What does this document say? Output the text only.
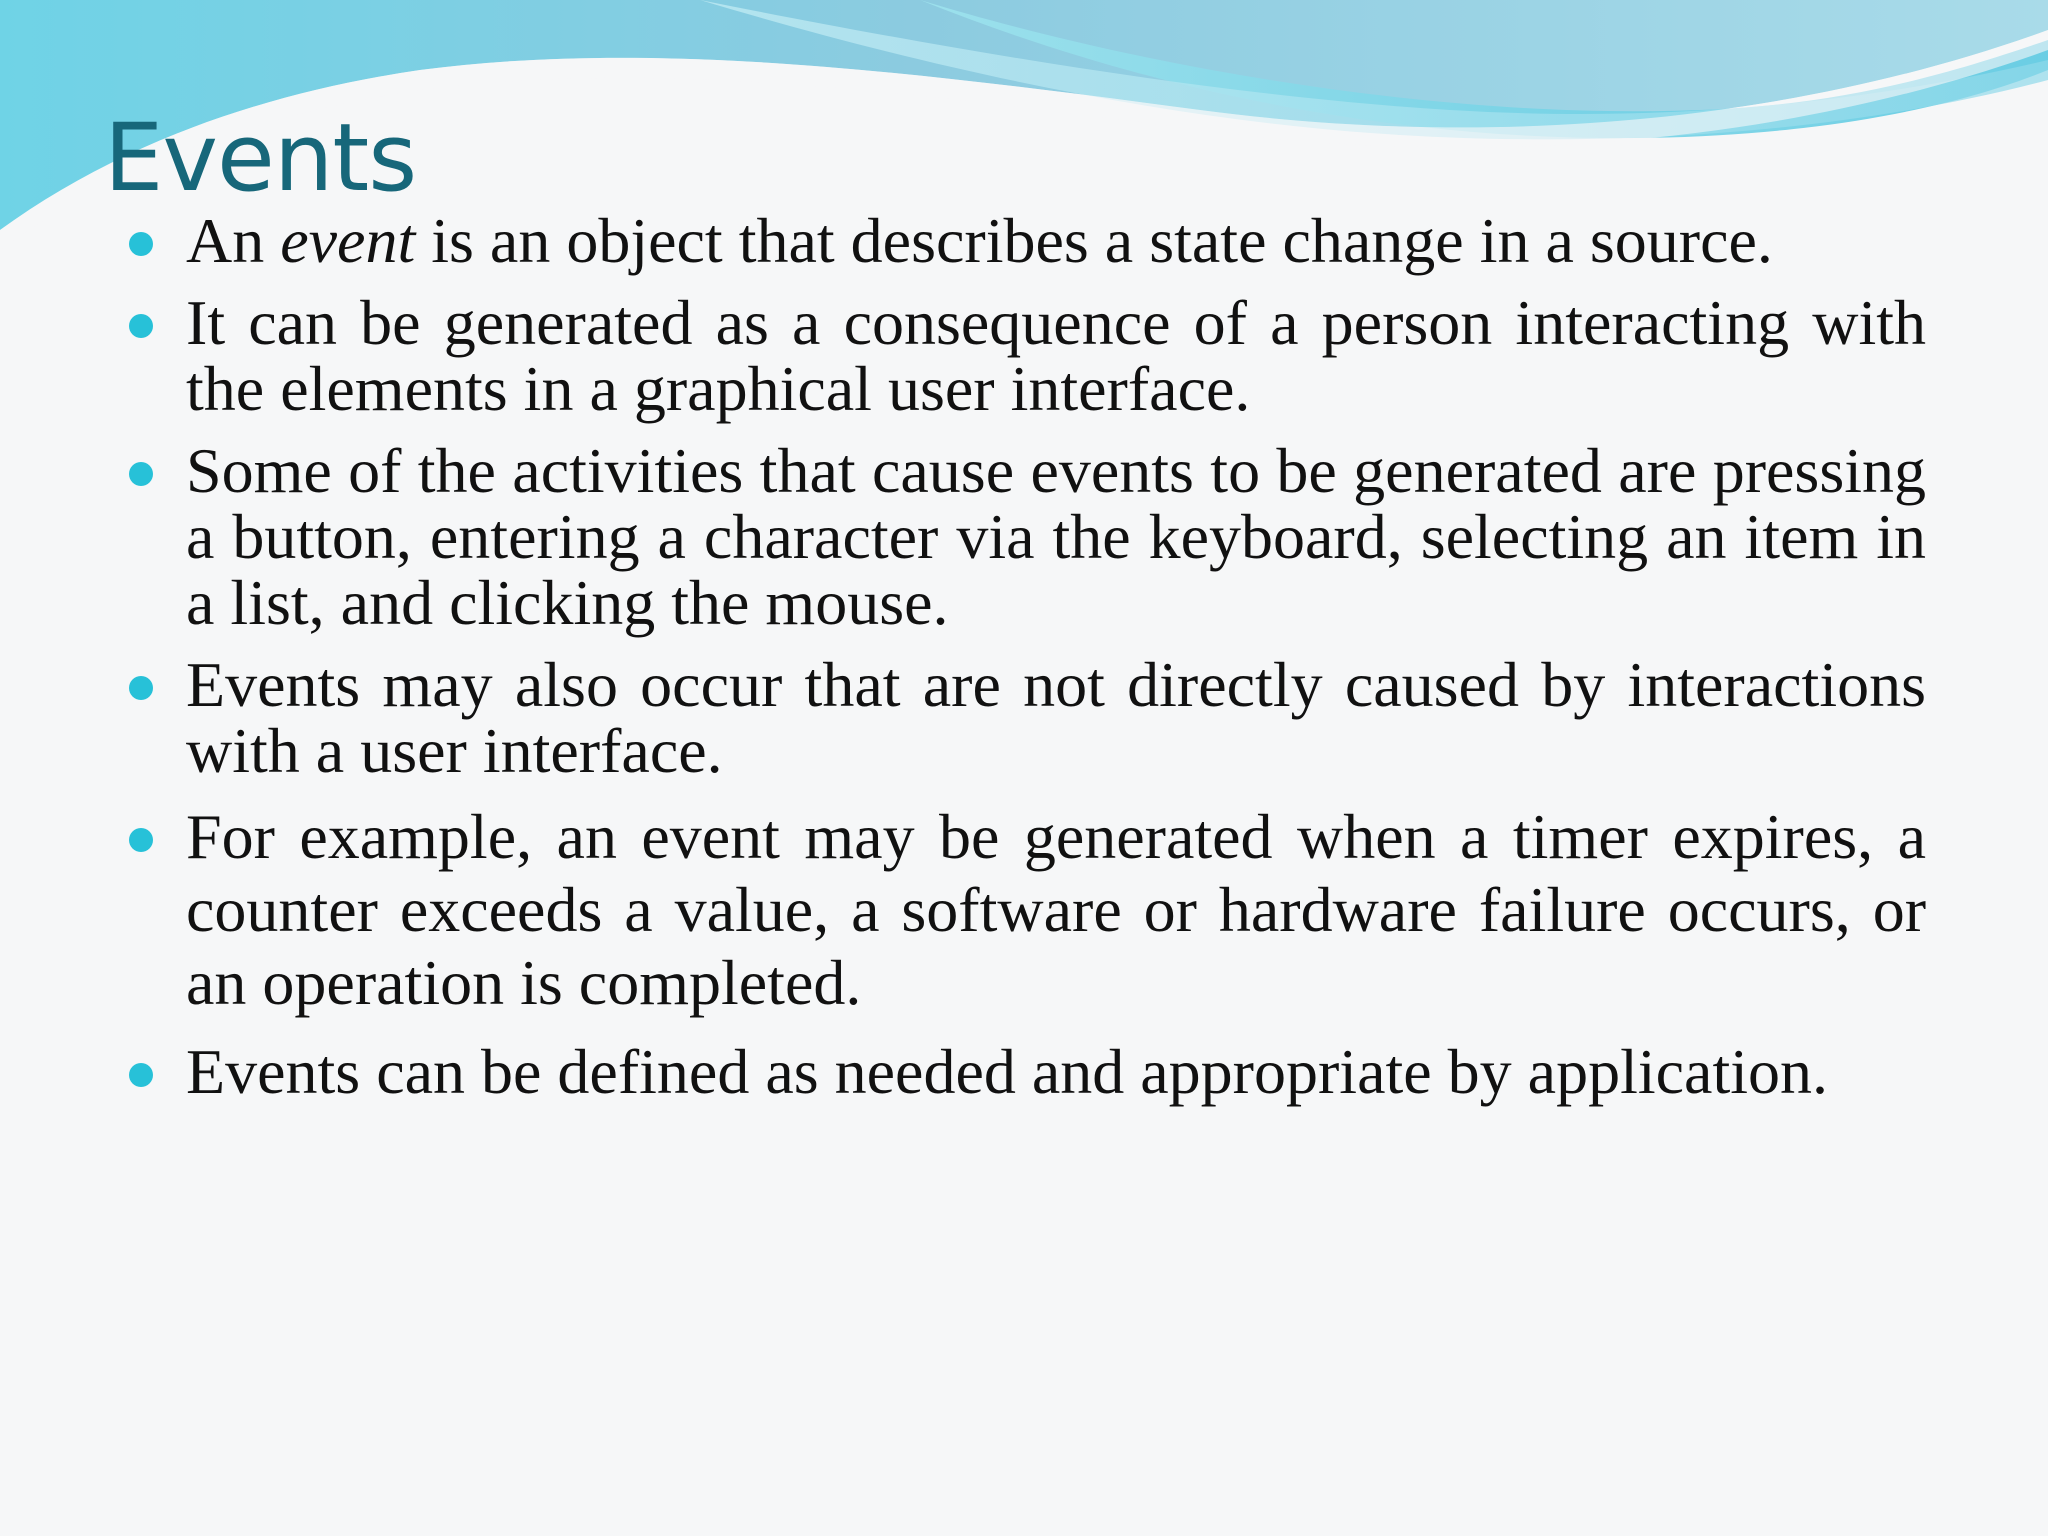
Events
An event is an object that describes a state change in a source.
It can be generated as a consequence of a person interacting with the elements in a graphical user interface.
Some of the activities that cause events to be generated are pressing a button, entering a character via the keyboard, selecting an item in a list, and clicking the mouse.
Events may also occur that are not directly caused by interactions with a user interface.
For example, an event may be generated when a timer expires, a counter exceeds a value, a software or hardware failure occurs, or an operation is completed.
Events can be defined as needed and appropriate by application.
